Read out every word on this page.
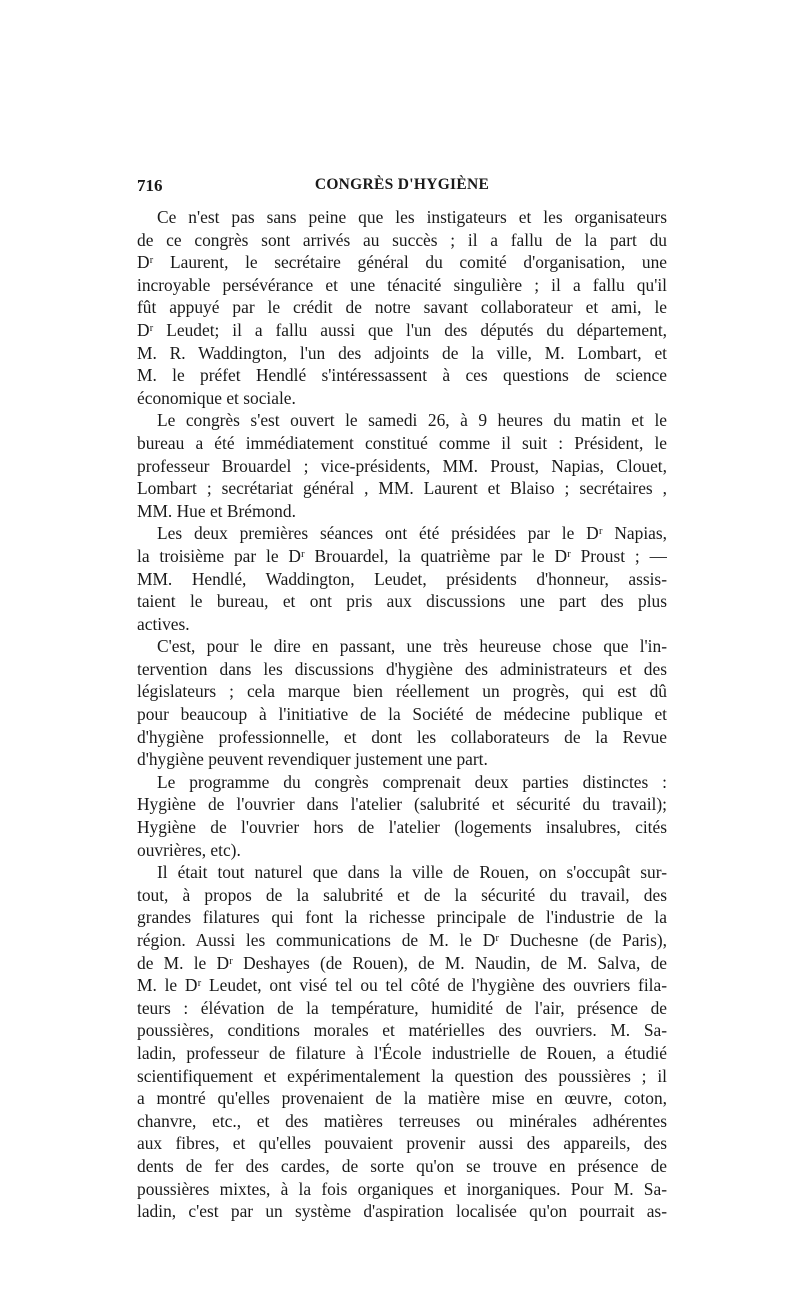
716	CONGRÈS D'HYGIÈNE
Ce n'est pas sans peine que les instigateurs et les organisateurs
de ce congrès sont arrivés au succès ; il a fallu de la part du
Dʳ Laurent, le secrétaire général du comité d'organisation, une
incroyable persévérance et une ténacité singulière ; il a fallu qu'il
fût appuyé par le crédit de notre savant collaborateur et ami, le
Dʳ Leudet; il a fallu aussi que l'un des députés du département,
M. R. Waddington, l'un des adjoints de la ville, M. Lombart, et
M. le préfet Hendlé s'intéressassent à ces questions de science
économique et sociale.
Le congrès s'est ouvert le samedi 26, à 9 heures du matin et le
bureau a été immédiatement constitué comme il suit : Président, le
professeur Brouardel ; vice-présidents, MM. Proust, Napias, Clouet,
Lombart ; secrétariat général , MM. Laurent et Blaiso ; secrétaires ,
MM. Hue et Brémond.
Les deux premières séances ont été présidées par le Dʳ Napias,
la troisième par le Dʳ Brouardel, la quatrième par le Dʳ Proust ; —
MM. Hendlé, Waddington, Leudet, présidents d'honneur, assis-
taient le bureau, et ont pris aux discussions une part des plus
actives.
C'est, pour le dire en passant, une très heureuse chose que l'in-
tervention dans les discussions d'hygiène des administrateurs et des
législateurs ; cela marque bien réellement un progrès, qui est dû
pour beaucoup à l'initiative de la Société de médecine publique et
d'hygiène professionnelle, et dont les collaborateurs de la Revue
d'hygiène peuvent revendiquer justement une part.
Le programme du congrès comprenait deux parties distinctes :
Hygiène de l'ouvrier dans l'atelier (salubrité et sécurité du travail);
Hygiène de l'ouvrier hors de l'atelier (logements insalubres, cités
ouvrières, etc).
Il était tout naturel que dans la ville de Rouen, on s'occupât sur-
tout, à propos de la salubrité et de la sécurité du travail, des
grandes filatures qui font la richesse principale de l'industrie de la
région. Aussi les communications de M. le Dʳ Duchesne (de Paris),
de M. le Dʳ Deshayes (de Rouen), de M. Naudin, de M. Salva, de
M. le Dʳ Leudet, ont visé tel ou tel côté de l'hygiène des ouvriers fila-
teurs : élévation de la température, humidité de l'air, présence de
poussières, conditions morales et matérielles des ouvriers. M. Sa-
ladin, professeur de filature à l'École industrielle de Rouen, a étudié
scientifiquement et expérimentalement la question des poussières ; il
a montré qu'elles provenaient de la matière mise en œuvre, coton,
chanvre, etc., et des matières terreuses ou minérales adhérentes
aux fibres, et qu'elles pouvaient provenir aussi des appareils, des
dents de fer des cardes, de sorte qu'on se trouve en présence de
poussières mixtes, à la fois organiques et inorganiques. Pour M. Sa-
ladin, c'est par un système d'aspiration localisée qu'on pourrait as-
